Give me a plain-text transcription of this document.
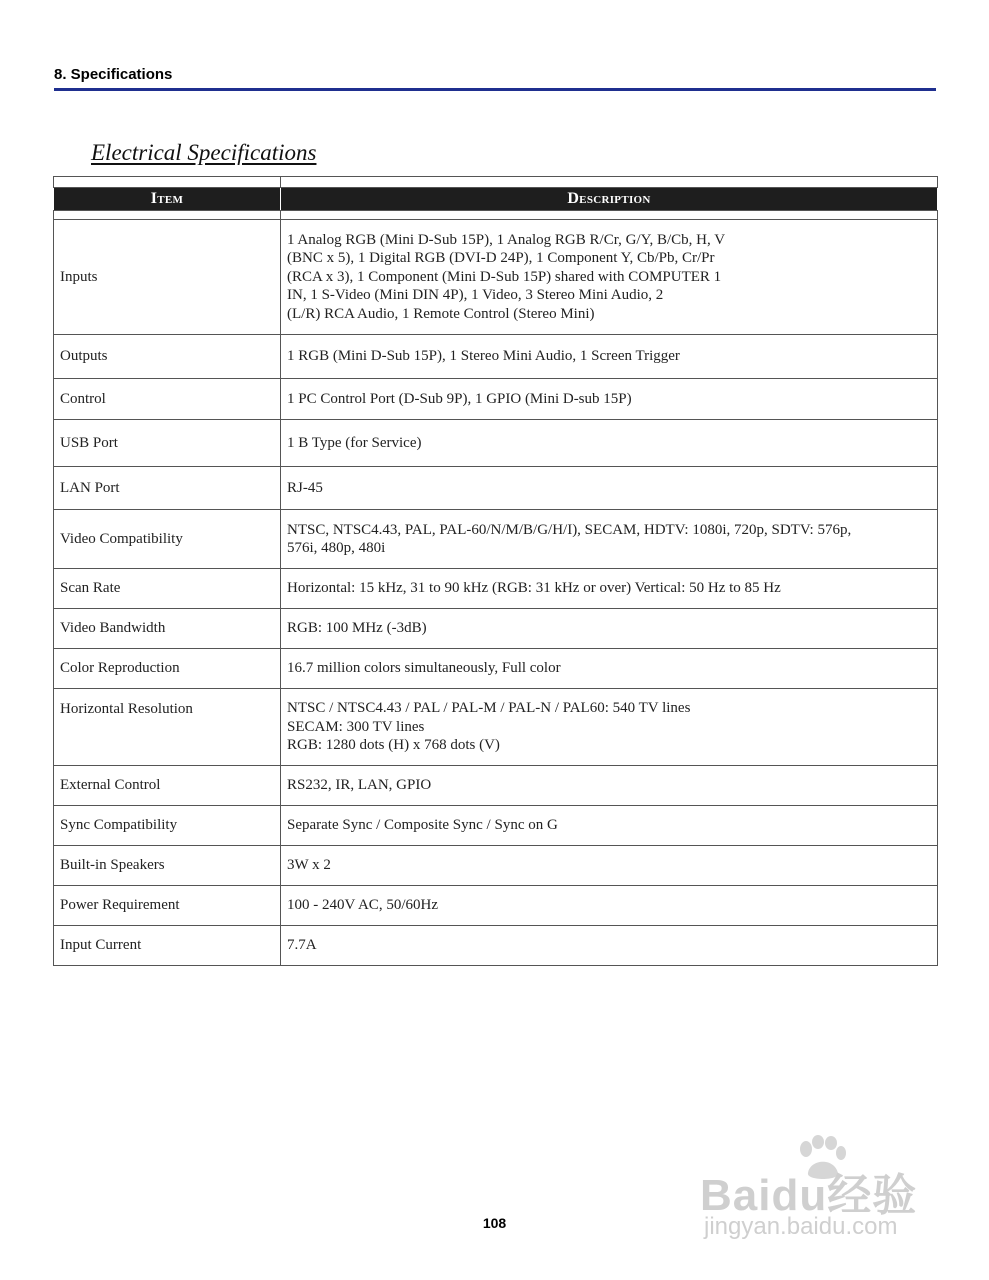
8. Specifications
Electrical Specifications

Item	Description

Inputs	1 Analog RGB (Mini D-Sub 15P), 1 Analog RGB R/Cr, G/Y, B/Cb, H, V
(BNC x 5), 1 Digital RGB (DVI-D 24P), 1 Component Y, Cb/Pb, Cr/Pr
(RCA x 3), 1 Component (Mini D-Sub 15P) shared with COMPUTER 1
IN, 1 S-Video (Mini DIN 4P), 1 Video, 3 Stereo Mini Audio, 2
(L/R) RCA Audio, 1 Remote Control (Stereo Mini)
Outputs	1 RGB (Mini D-Sub 15P), 1 Stereo Mini Audio, 1 Screen Trigger
Control	1 PC Control Port (D-Sub 9P), 1 GPIO (Mini D-sub 15P)
USB Port	1 B Type (for Service)
LAN Port	RJ-45
Video Compatibility	NTSC, NTSC4.43, PAL, PAL-60/N/M/B/G/H/I), SECAM, HDTV: 1080i, 720p, SDTV: 576p,
576i, 480p, 480i
Scan Rate	Horizontal: 15 kHz, 31 to 90 kHz (RGB: 31 kHz or over) Vertical: 50 Hz to 85 Hz
Video Bandwidth	RGB: 100 MHz (-3dB)
Color Reproduction	16.7 million colors simultaneously, Full color
Horizontal Resolution	NTSC / NTSC4.43 / PAL / PAL-M / PAL-N / PAL60: 540 TV lines
SECAM: 300 TV lines
RGB: 1280 dots (H) x 768 dots (V)
External Control	RS232, IR, LAN, GPIO
Sync Compatibility	Separate Sync / Composite Sync / Sync on G
Built-in Speakers	3W x 2
Power Requirement	100 - 240V AC, 50/60Hz
Input Current	7.7A
108
Baidu经验
jingyan.baidu.com
